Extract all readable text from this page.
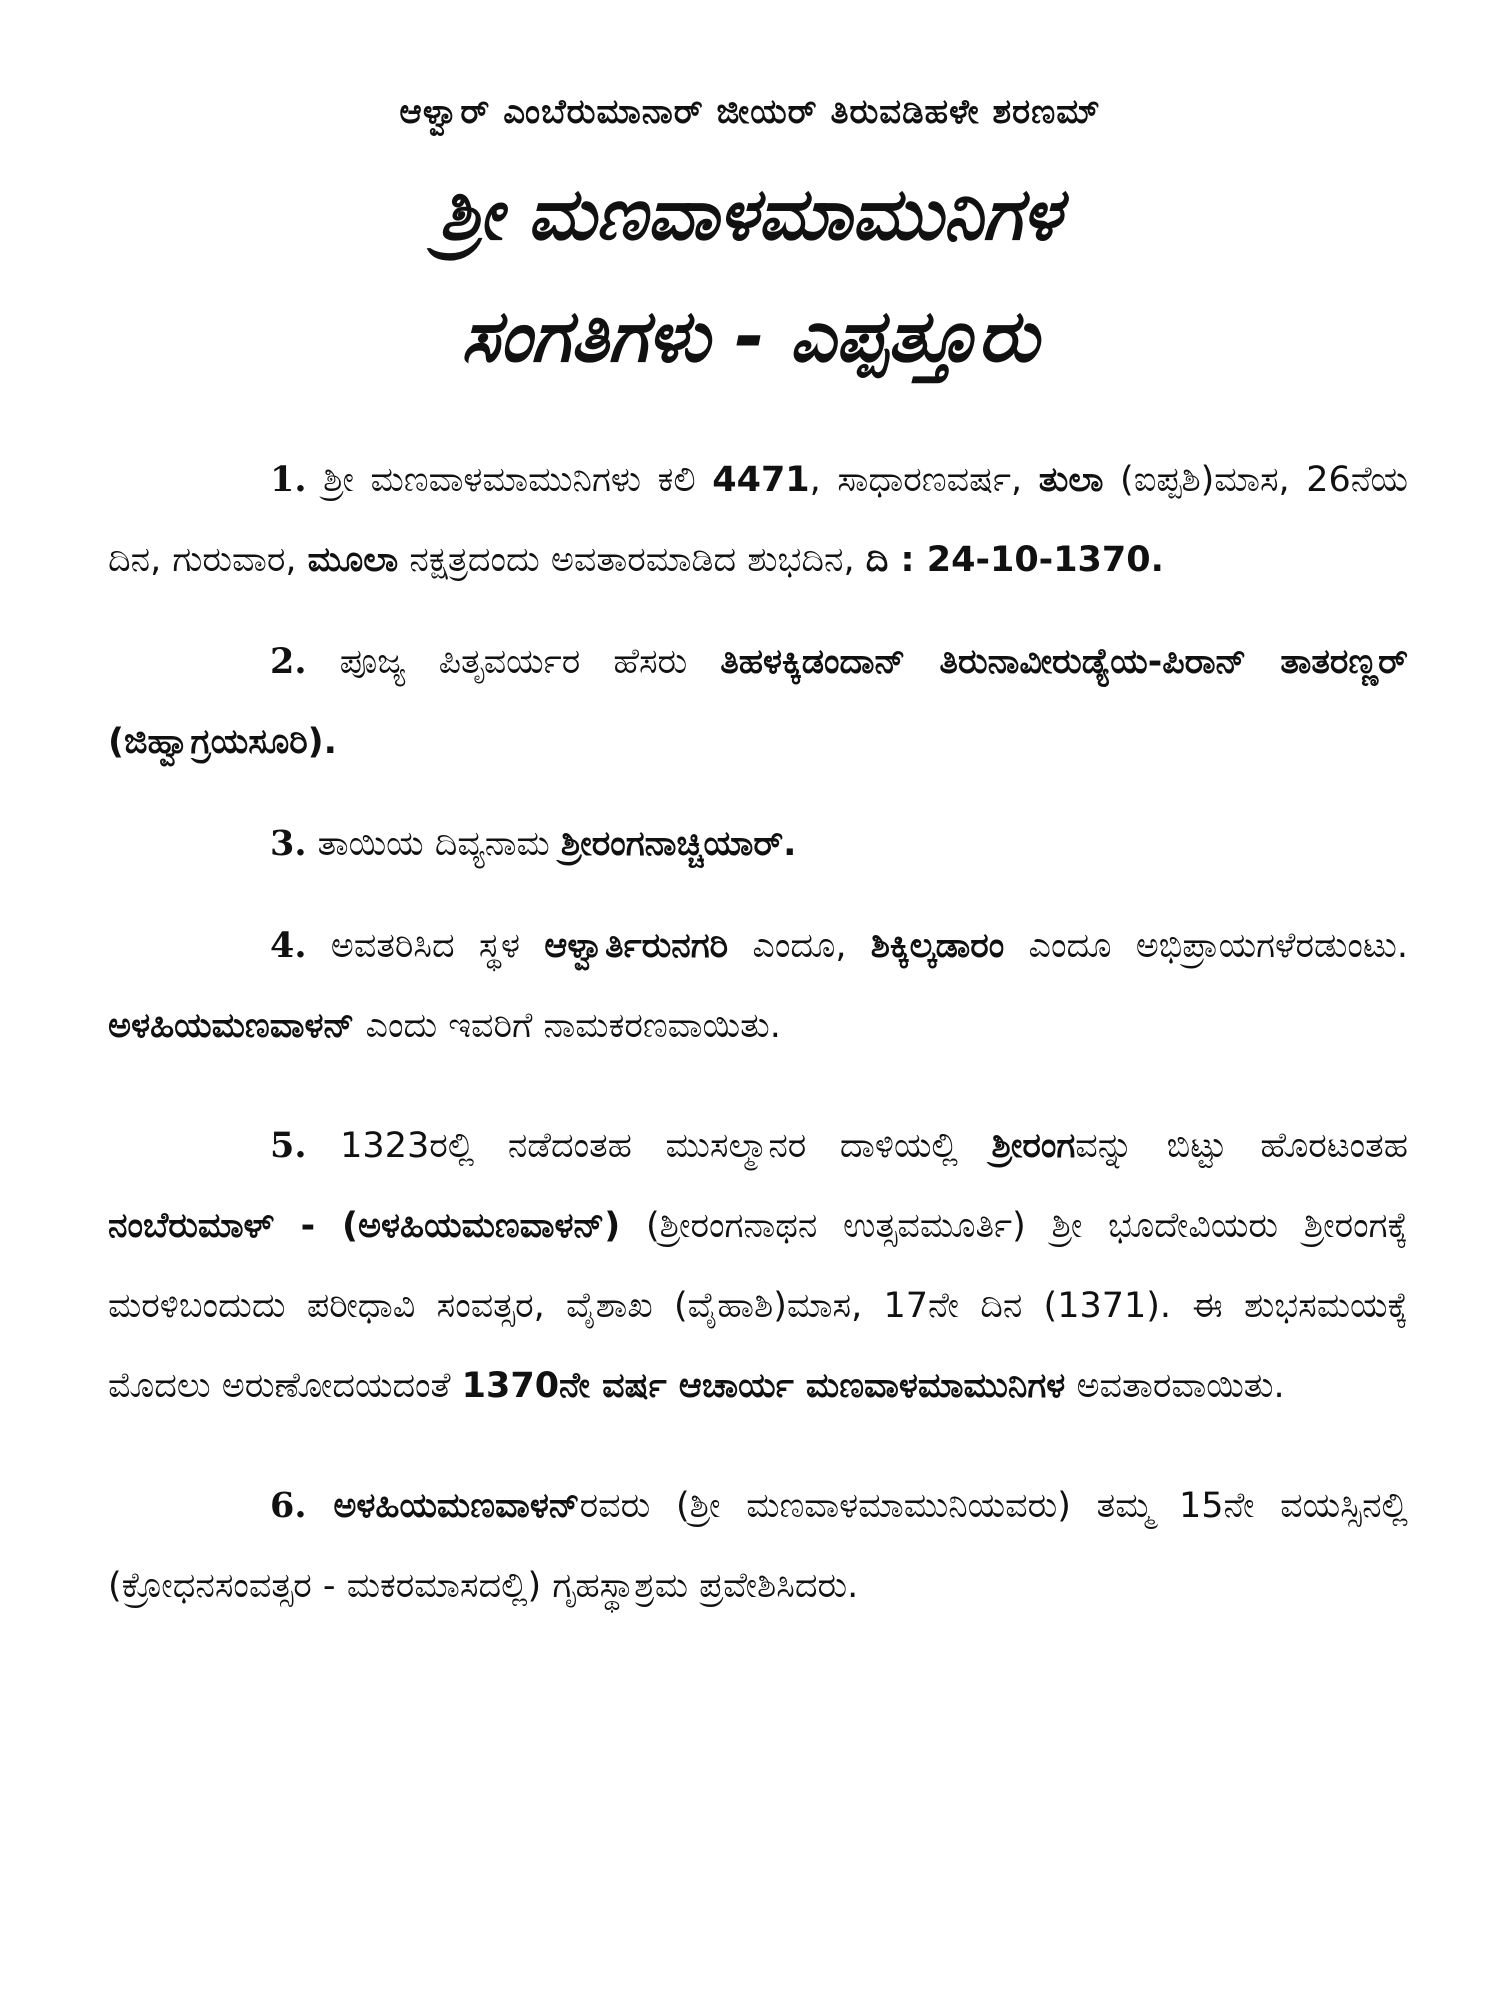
ಆಳ್ವಾರ್ ಎಂಬೆರುಮಾನಾರ್ ಜೀಯರ್ ತಿರುವಡಿಹಳೇ ಶರಣಮ್
ಶ್ರೀ ಮಣವಾಳಮಾಮುನಿಗಳ
ಸಂಗತಿಗಳು - ಎಪ್ಪತ್ತೂರು

1. ಶ್ರೀ ಮಣವಾಳಮಾಮುನಿಗಳು ಕಲಿ 4471, ಸಾಧಾರಣವರ್ಷ, ತುಲಾ (ಐಪ್ಪಶಿ)ಮಾಸ, 26ನೆಯ ದಿನ, ಗುರುವಾರ, ಮೂಲಾ ನಕ್ಷತ್ರದಂದು ಅವತಾರಮಾಡಿದ ಶುಭದಿನ, ದಿ : 24-10-1370.

2. ಪೂಜ್ಯ ಪಿತೃವರ್ಯರ ಹೆಸರು ತಿಹಳಕ್ಕಿಡಂದಾನ್ ತಿರುನಾವೀರುಡ್ಯೆಯ-ಪಿರಾನ್ ತಾತರಣ್ಣರ್ (ಜಿಹ್ವಾಗ್ರಯಸೂರಿ).

3. ತಾಯಿಯ ದಿವ್ಯನಾಮ ಶ್ರೀರಂಗನಾಚ್ಚಿಯಾರ್.

4. ಅವತರಿಸಿದ ಸ್ಥಳ ಆಳ್ವಾರ್ತಿರುನಗರಿ ಎಂದೂ, ಶಿಕ್ಕಿಲ್ಕಡಾರಂ ಎಂದೂ ಅಭಿಪ್ರಾಯಗಳೆರಡುಂಟು. ಅಳಹಿಯಮಣವಾಳನ್ ಎಂದು ಇವರಿಗೆ ನಾಮಕರಣವಾಯಿತು.

5. 1323ರಲ್ಲಿ ನಡೆದಂತಹ ಮುಸಲ್ಮಾನರ ದಾಳಿಯಲ್ಲಿ ಶ್ರೀರಂಗವನ್ನು ಬಿಟ್ಟು ಹೊರಟಂತಹ ನಂಬೆರುಮಾಳ್ - (ಅಳಹಿಯಮಣವಾಳನ್) (ಶ್ರೀರಂಗನಾಥನ ಉತ್ಸವಮೂರ್ತಿ) ಶ್ರೀ ಭೂದೇವಿಯರು ಶ್ರೀರಂಗಕ್ಕೆ ಮರಳಿಬಂದುದು ಪರೀಧಾವಿ ಸಂವತ್ಸರ, ವೈಶಾಖ (ವೈಹಾಶಿ)ಮಾಸ, 17ನೇ ದಿನ (1371). ಈ ಶುಭಸಮಯಕ್ಕೆ ಮೊದಲು ಅರುಣೋದಯದಂತೆ 1370ನೇ ವರ್ಷ ಆಚಾರ್ಯ ಮಣವಾಳಮಾಮುನಿಗಳ ಅವತಾರವಾಯಿತು.

6. ಅಳಹಿಯಮಣವಾಳನ್ರವರು (ಶ್ರೀ ಮಣವಾಳಮಾಮುನಿಯವರು) ತಮ್ಮ 15ನೇ ವಯಸ್ಸಿನಲ್ಲಿ (ಕ್ರೋಧನಸಂವತ್ಸರ - ಮಕರಮಾಸದಲ್ಲಿ) ಗೃಹಸ್ಥಾಶ್ರಮ ಪ್ರವೇಶಿಸಿದರು.
